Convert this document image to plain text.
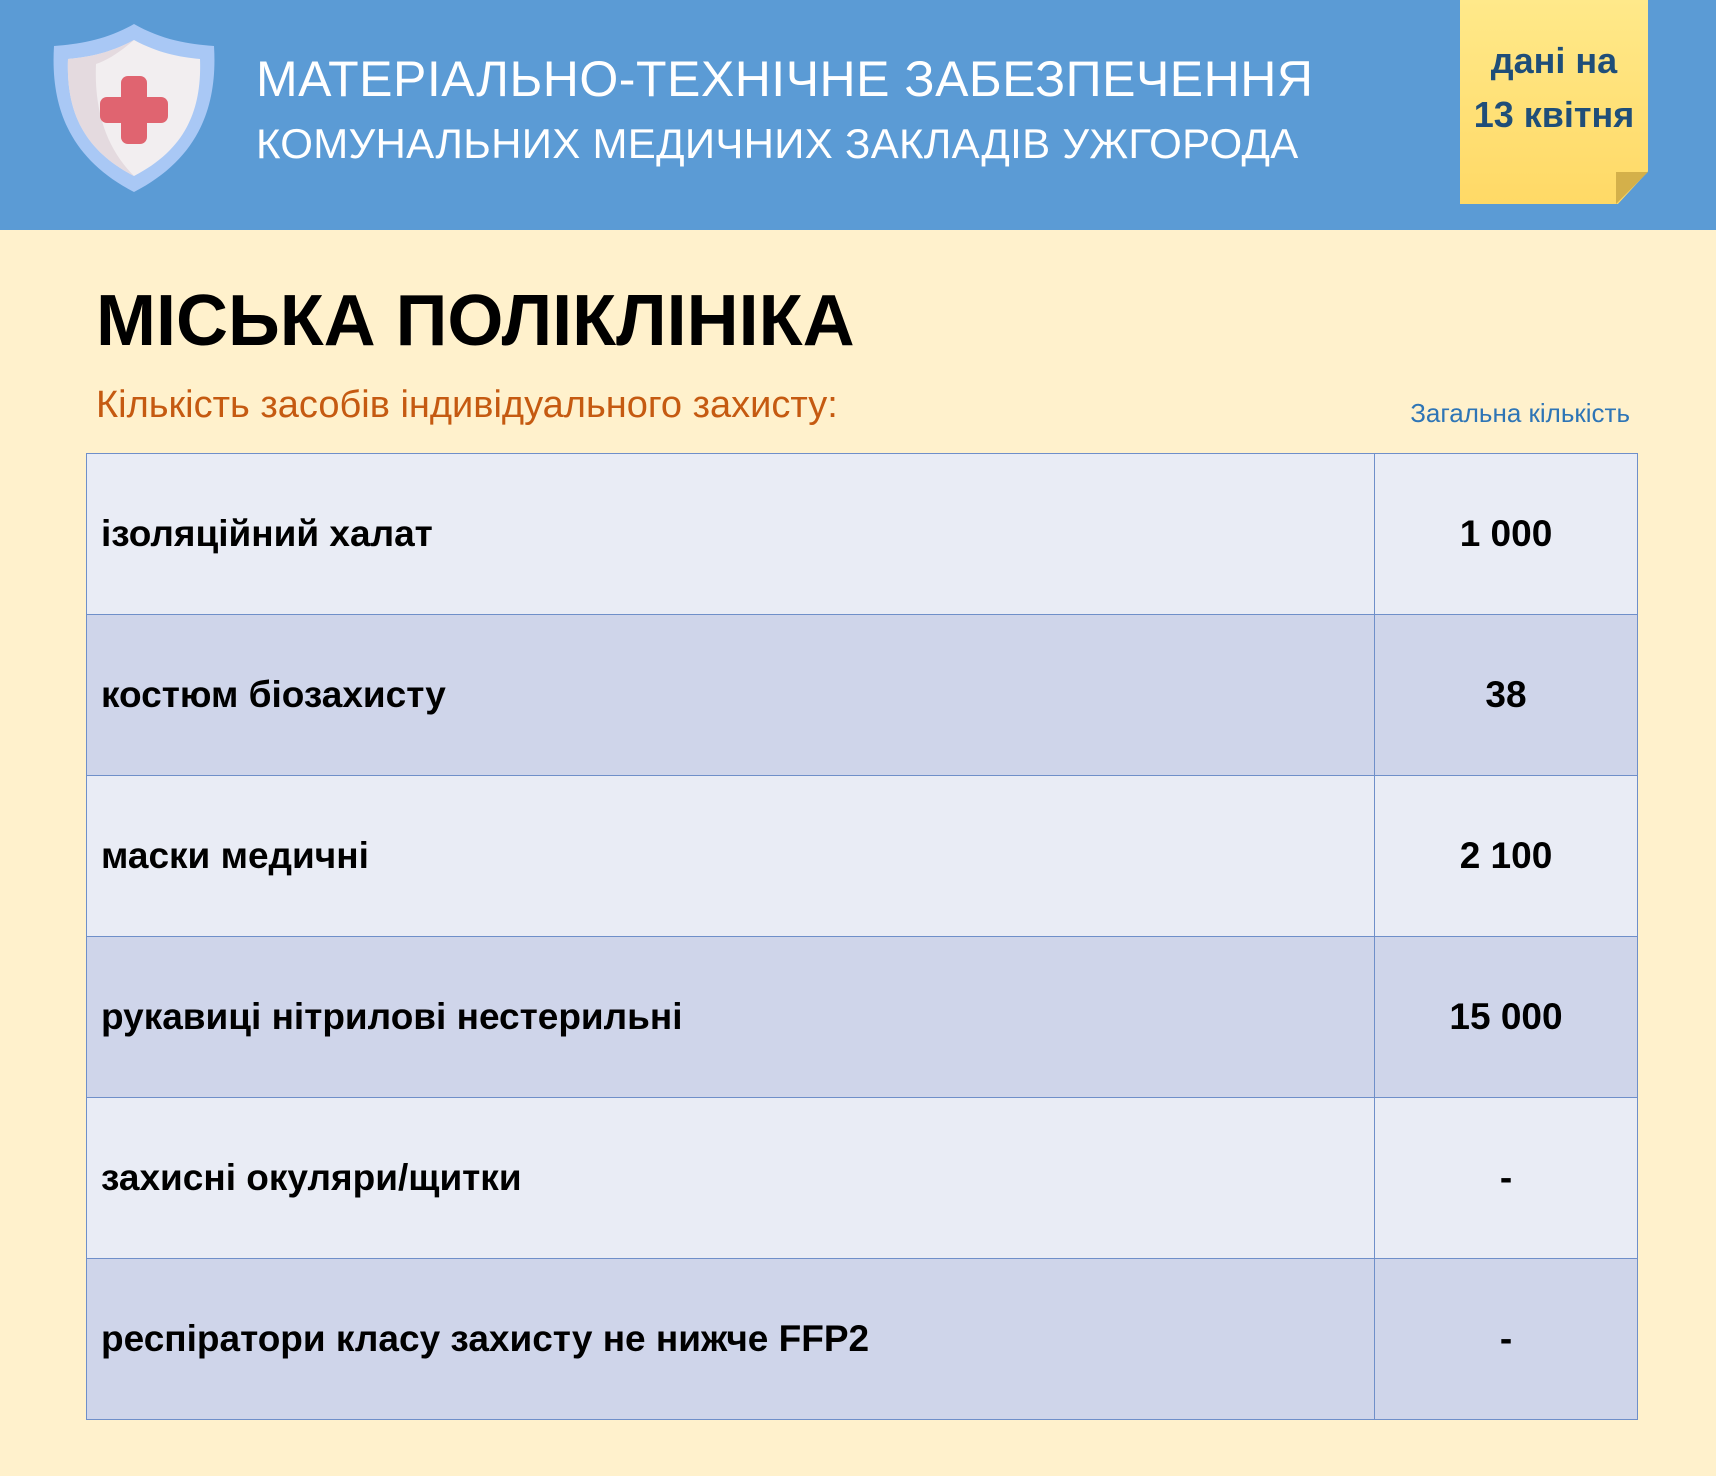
МАТЕРІАЛЬНО-ТЕХНІЧНЕ ЗАБЕЗПЕЧЕННЯ
КОМУНАЛЬНИХ МЕДИЧНИХ ЗАКЛАДІВ УЖГОРОДА
дані на
13 квітня
МІСЬКА ПОЛІКЛІНІКА
Кількість засобів індивідуального захисту:	Загальна кількість
ізоляційний халат	1 000
костюм біозахисту	38
маски медичні	2 100
рукавиці нітрилові нестерильні	15 000
захисні окуляри/щитки	-
респіратори класу захисту не нижче FFP2	-
